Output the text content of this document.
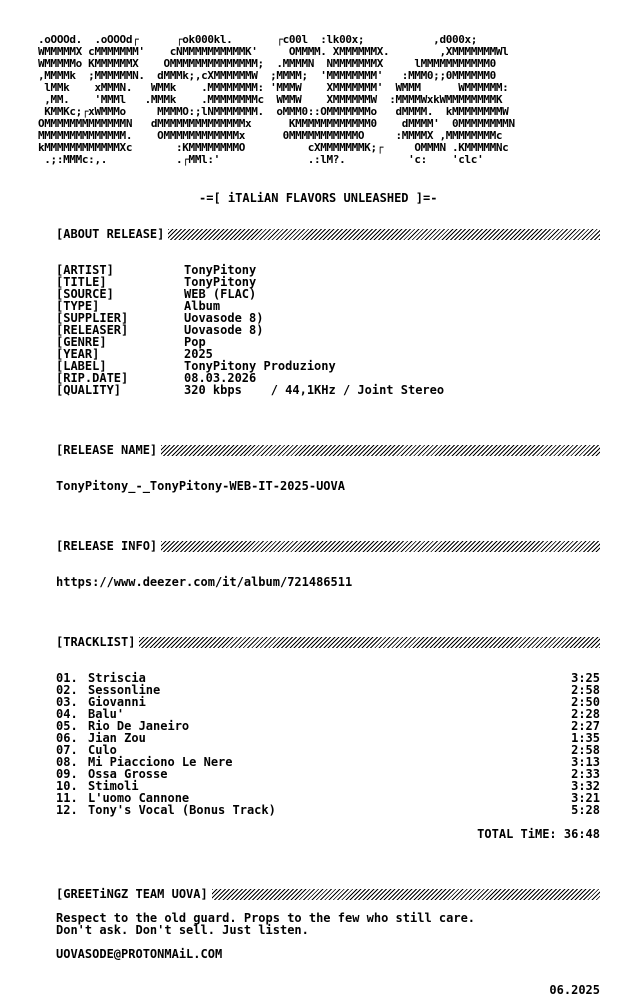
.oOOOd.  .oOOOd┌      ┌ok000kl.       ┌c00l  :lk00x;           ,d000x;
WMMMMMX cMMMMMMM'    cNMMMMMMMMMMK'     OMMMM. XMMMMMMX.        ,XMMMMMMMWl
WMMMMMo KMMMMMMX    OMMMMMMMMMMMMMM;  .MMMMN  NMMMMMMMX     lMMMMMMMMMMM0
,MMMMk  ;MMMMMMN.  dMMMk;,cXMMMMMMW  ;MMMM;  'MMMMMMMM'   :MMM0;;0MMMMMM0
lMMk    xMMMN.   WMMk    .MMMMMMMM: 'MMMW    XMMMMMMM'  WMMM      WMMMMMM:
,MM.    'MMMl   .MMMk    .MMMMMMMMc  WMMW    XMMMMMMW  :MMMMWxkWMMMMMMMMK
KMMKc;┌xWMMMo     MMMMO:;lNMMMMMMM.  oMMM0::OMMMMMMMo   dMMMM.  kMMMMMMMMW
OMMMMMMMMMMMMMN   dMMMMMMMMMMMMMMx      KMMMMMMMMMMMM0    dMMMM'  0MMMMMMMMN
MMMMMMMMMMMMMM.    OMMMMMMMMMMMMx      0MMMMMMMMMMMO     :MMMMX ,MMMMMMMMc
kMMMMMMMMMMMMXc       :KMMMMMMMMO          cXMMMMMMMK;┌     OMMMN .KMMMMMNc
.;:MMMc:,.           .┌MMl:'              .:lM?.          'c:    'clc'
-=[ iTALiAN FLAVORS UNLEASHED ]=-
[ABOUT RELEASE]
[ARTIST]	TonyPitony
[TITLE]	TonyPitony
[SOURCE]	WEB (FLAC)
[TYPE]	Album
[SUPPLIER]	Uovasode 8)
[RELEASER]	Uovasode 8)
[GENRE]	Pop
[YEAR]	2025
[LABEL]	TonyPitony Produziony
[RIP.DATE]	08.03.2026
[QUALITY]	320 kbps    / 44,1KHz / Joint Stereo
[RELEASE NAME]
TonyPitony_-_TonyPitony-WEB-IT-2025-UOVA
[RELEASE INFO]
https://www.deezer.com/it/album/721486511
[TRACKLIST]
01. Striscia	3:25
02. Sessonline	2:58
03. Giovanni	2:50
04. Balu'	2:28
05. Rio De Janeiro	2:27
06. Jian Zou	1:35
07. Culo	2:58
08. Mi Piacciono Le Nere	3:13
09. Ossa Grosse	2:33
10. Stimoli	3:32
11. L'uomo Cannone	3:21
12. Tony's Vocal (Bonus Track)	5:28
TOTAL TiME: 36:48
[GREETiNGZ TEAM UOVA]
Respect to the old guard. Props to the few who still care.
Don't ask. Don't sell. Just listen.
UOVASODE@PROTONMAiL.COM
06.2025
